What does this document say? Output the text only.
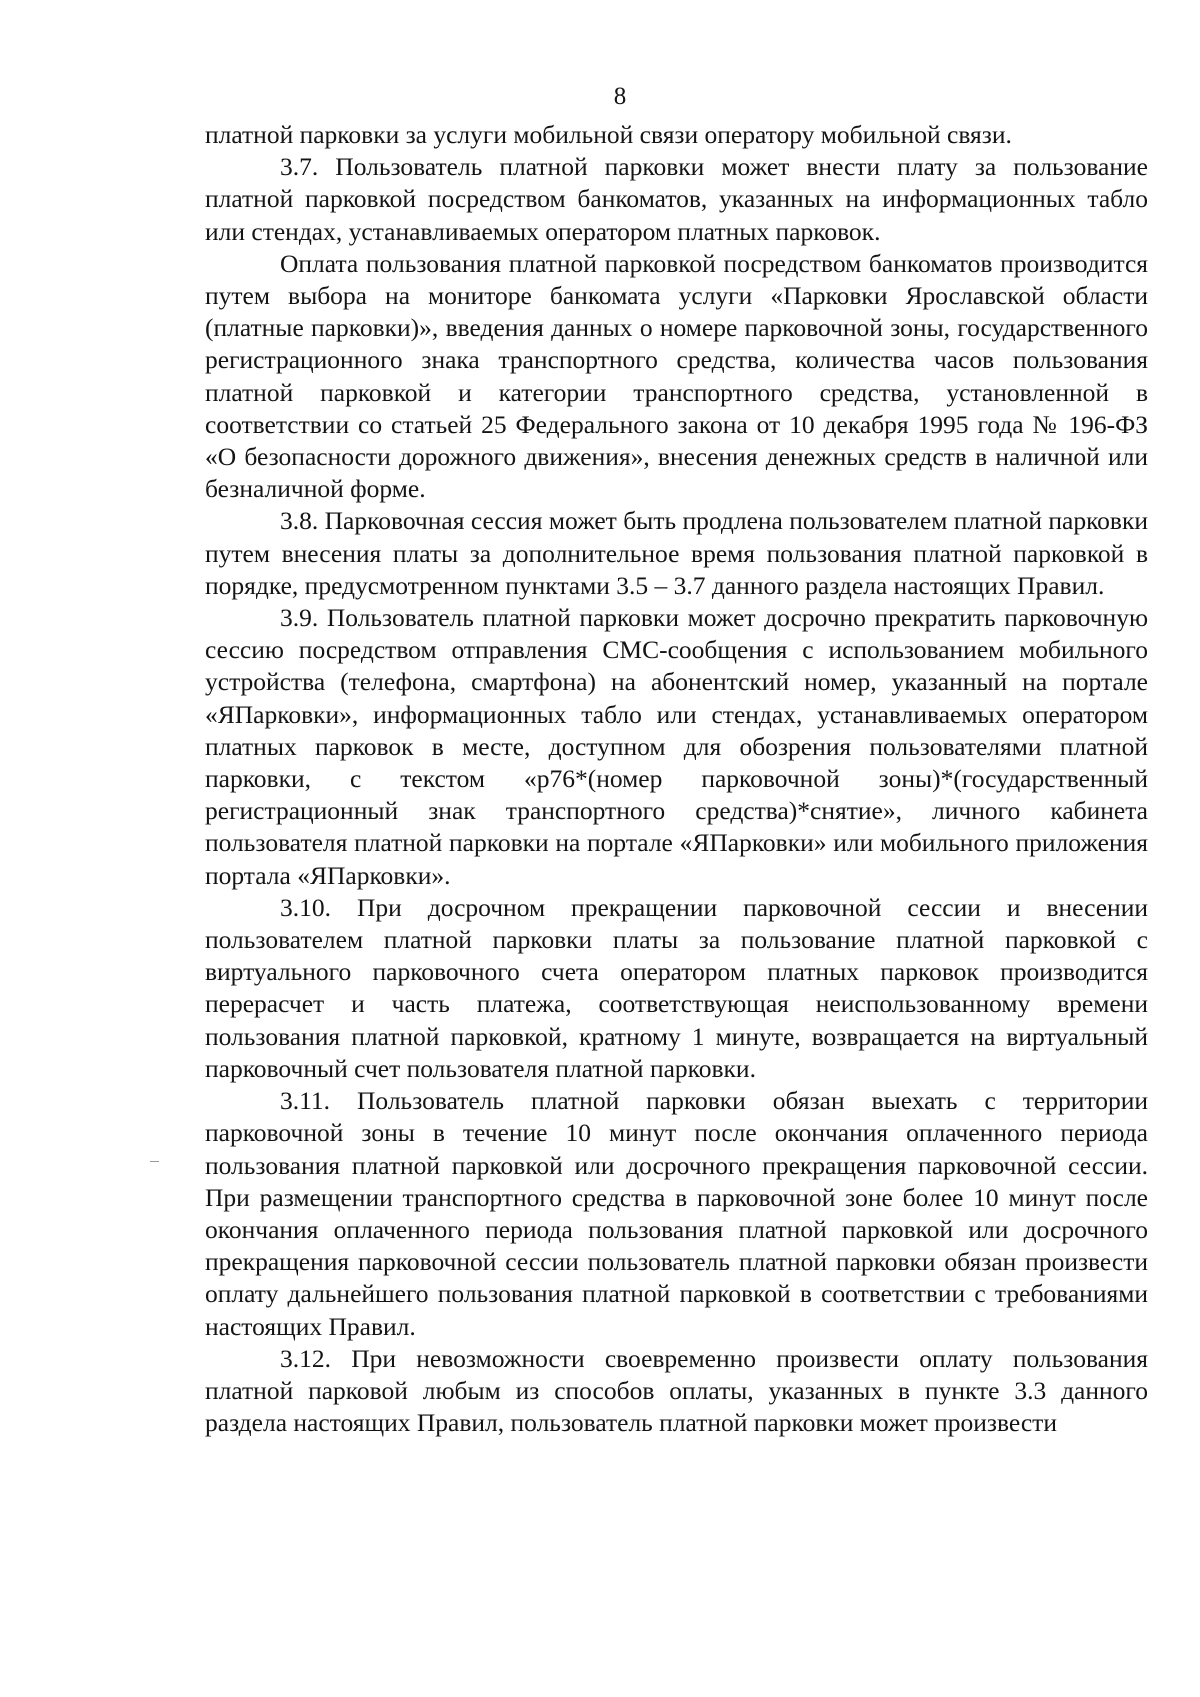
8

платной парковки за услуги мобильной связи оператору мобильной связи.

3.7. Пользователь платной парковки может внести плату за пользование платной парковкой посредством банкоматов, указанных на информационных табло или стендах, устанавливаемых оператором платных парковок.

Оплата пользования платной парковкой посредством банкоматов производится путем выбора на мониторе банкомата услуги «Парковки Ярославской области (платные парковки)», введения данных о номере парковочной зоны, государственного регистрационного знака транспортного средства, количества часов пользования платной парковкой и категории транспортного средства, установленной в соответствии со статьей 25 Федерального закона от 10 декабря 1995 года № 196-ФЗ «О безопасности дорожного движения», внесения денежных средств в наличной или безналичной форме.

3.8. Парковочная сессия может быть продлена пользователем платной парковки путем внесения платы за дополнительное время пользования платной парковкой в порядке, предусмотренном пунктами 3.5 – 3.7 данного раздела настоящих Правил.

3.9. Пользователь платной парковки может досрочно прекратить парковочную сессию посредством отправления СМС-сообщения с использованием мобильного устройства (телефона, смартфона) на абонентский номер, указанный на портале «ЯПарковки», информационных табло или стендах, устанавливаемых оператором платных парковок в месте, доступном для обозрения пользователями платной парковки, с текстом «р76*(номер парковочной зоны)*(государственный регистрационный знак транспортного средства)*снятие», личного кабинета пользователя платной парковки на портале «ЯПарковки» или мобильного приложения портала «ЯПарковки».

3.10. При досрочном прекращении парковочной сессии и внесении пользователем платной парковки платы за пользование платной парковкой с виртуального парковочного счета оператором платных парковок производится перерасчет и часть платежа, соответствующая неиспользованному времени пользования платной парковкой, кратному 1 минуте, возвращается на виртуальный парковочный счет пользователя платной парковки.

3.11. Пользователь платной парковки обязан выехать с территории парковочной зоны в течение 10 минут после окончания оплаченного периода пользования платной парковкой или досрочного прекращения парковочной сессии. При размещении транспортного средства в парковочной зоне более 10 минут после окончания оплаченного периода пользования платной парковкой или досрочного прекращения парковочной сессии пользователь платной парковки обязан произвести оплату дальнейшего пользования платной парковкой в соответствии с требованиями настоящих Правил.

3.12. При невозможности своевременно произвести оплату пользования платной парковой любым из способов оплаты, указанных в пункте 3.3 данного раздела настоящих Правил, пользователь платной парковки может произвести
